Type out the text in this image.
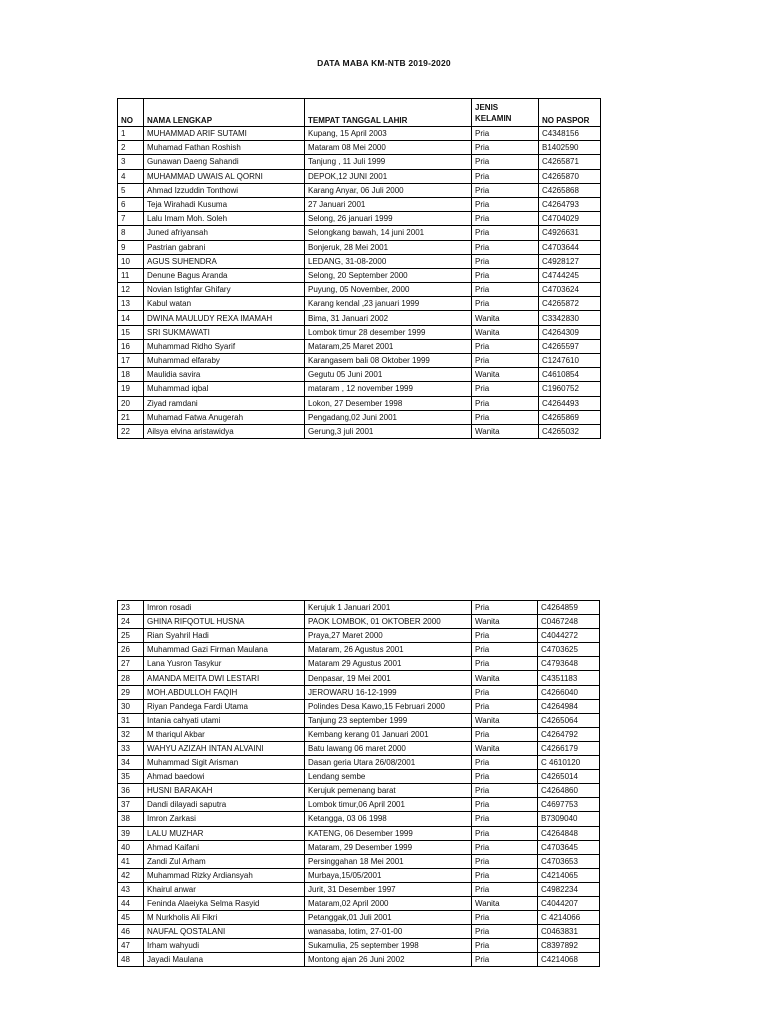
DATA MABA KM-NTB 2019-2020
NO	NAMA LENGKAP	TEMPAT TANGGAL LAHIR	JENIS KELAMIN	NO PASPOR
1	MUHAMMAD ARIF SUTAMI	Kupang, 15 April 2003	Pria	C4348156
2	Muhamad Fathan Roshish	Mataram 08 Mei 2000	Pria	B1402590
3	Gunawan Daeng Sahandi	Tanjung , 11 Juli 1999	Pria	C4265871
4	MUHAMMAD UWAIS AL QORNI	DEPOK,12 JUNI 2001	Pria	C4265870
5	Ahmad Izzuddin Tonthowi	Karang Anyar, 06 Juli 2000	Pria	C4265868
6	Teja Wirahadi Kusuma	27 Januari 2001	Pria	C4264793
7	Lalu Imam Moh. Soleh	Selong, 26 januari 1999	Pria	C4704029
8	Juned afriyansah	Selongkang bawah, 14 juni 2001	Pria	C4926631
9	Pastrian gabrani	Bonjeruk, 28 Mei 2001	Pria	C4703644
10	AGUS SUHENDRA	LEDANG, 31-08-2000	Pria	C4928127
11	Denune Bagus Aranda	Selong, 20 September 2000	Pria	C4744245
12	Novian Istighfar Ghifary	Puyung, 05 November, 2000	Pria	C4703624
13	Kabul watan	Karang kendal ,23 januari 1999	Pria	C4265872
14	DWINA MAULUDY REXA IMAMAH	Bima, 31 Januari 2002	Wanita	C3342830
15	SRI SUKMAWATI	Lombok timur 28 desember 1999	Wanita	C4264309
16	Muhammad Ridho Syarif	Mataram,25 Maret 2001	Pria	C4265597
17	Muhammad elfaraby	Karangasem bali 08 Oktober 1999	Pria	C1247610
18	Maulidia savira	Gegutu 05 Juni 2001	Wanita	C4610854
19	Muhammad iqbal	mataram , 12 november 1999	Pria	C1960752
20	Ziyad ramdani	Lokon, 27 Desember 1998	Pria	C4264493
21	Muhamad Fatwa Anugerah	Pengadang,02 Juni 2001	Pria	C4265869
22	Ailsya elvina aristawidya	Gerung,3 juli 2001	Wanita	C4265032
23	Imron rosadi	Kerujuk 1 Januari 2001	Pria	C4264859
24	GHINA RIFQOTUL HUSNA	PAOK LOMBOK, 01 OKTOBER 2000	Wanita	C0467248
25	Rian Syahril Hadi	Praya,27 Maret 2000	Pria	C4044272
26	Muhammad Gazi Firman Maulana	Mataram, 26 Agustus 2001	Pria	C4703625
27	Lana Yusron Tasykur	Mataram 29 Agustus 2001	Pria	C4793648
28	AMANDA MEITA DWI LESTARI	Denpasar, 19 Mei 2001	Wanita	C4351183
29	MOH.ABDULLOH FAQIH	JEROWARU 16-12-1999	Pria	C4266040
30	Riyan Pandega Fardi Utama	Polindes Desa Kawo,15 Februari 2000	Pria	C4264984
31	Intania cahyati utami	Tanjung 23 september 1999	Wanita	C4265064
32	M thariqul Akbar	Kembang kerang 01 Januari 2001	Pria	C4264792
33	WAHYU AZIZAH INTAN ALVAINI	Batu lawang 06 maret 2000	Wanita	C4266179
34	Muhammad Sigit Arisman	Dasan geria Utara 26/08/2001	Pria	C 4610120
35	Ahmad baedowi	Lendang sembe	Pria	C4265014
36	HUSNI BARAKAH	Kerujuk pemenang barat	Pria	C4264860
37	Dandi dilayadi saputra	Lombok timur,06 April 2001	Pria	C4697753
38	Imron Zarkasi	Ketangga, 03 06 1998	Pria	B7309040
39	LALU MUZHAR	KATENG, 06 Desember 1999	Pria	C4264848
40	Ahmad Kaifani	Mataram, 29 Desember 1999	Pria	C4703645
41	Zandi Zul Arham	Persinggahan 18 Mei 2001	Pria	C4703653
42	Muhammad Rizky Ardiansyah	Murbaya,15/05/2001	Pria	C4214065
43	Khairul anwar	Jurit, 31 Desember 1997	Pria	C4982234
44	Feninda Alaeiyka Selma Rasyid	Mataram,02 April 2000	Wanita	C4044207
45	M Nurkholis Ali Fikri	Petanggak,01 Juli 2001	Pria	C 4214066
46	NAUFAL QOSTALANI	wanasaba, lotim, 27-01-00	Pria	C0463831
47	Irham wahyudi	Sukamulia, 25 september 1998	Pria	C8397892
48	Jayadi Maulana	Montong ajan 26 Juni 2002	Pria	C4214068
